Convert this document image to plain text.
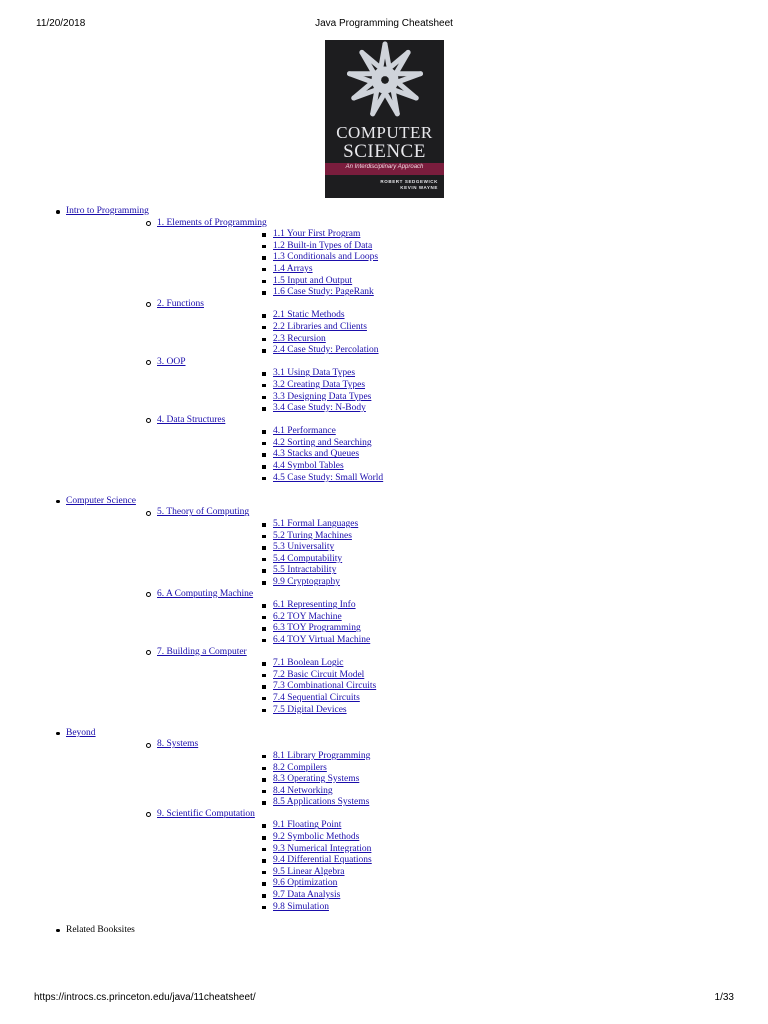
11/20/2018	Java Programming Cheatsheet
COMPUTER
SCIENCE
An Interdisciplinary Approach
ROBERT SEDGEWICK
KEVIN WAYNE
Intro to Programming
1. Elements of Programming
1.1 Your First Program
1.2 Built-in Types of Data
1.3 Conditionals and Loops
1.4 Arrays
1.5 Input and Output
1.6 Case Study: PageRank
2. Functions
2.1 Static Methods
2.2 Libraries and Clients
2.3 Recursion
2.4 Case Study: Percolation
3. OOP
3.1 Using Data Types
3.2 Creating Data Types
3.3 Designing Data Types
3.4 Case Study: N-Body
4. Data Structures
4.1 Performance
4.2 Sorting and Searching
4.3 Stacks and Queues
4.4 Symbol Tables
4.5 Case Study: Small World
Computer Science
5. Theory of Computing
5.1 Formal Languages
5.2 Turing Machines
5.3 Universality
5.4 Computability
5.5 Intractability
9.9 Cryptography
6. A Computing Machine
6.1 Representing Info
6.2 TOY Machine
6.3 TOY Programming
6.4 TOY Virtual Machine
7. Building a Computer
7.1 Boolean Logic
7.2 Basic Circuit Model
7.3 Combinational Circuits
7.4 Sequential Circuits
7.5 Digital Devices
Beyond
8. Systems
8.1 Library Programming
8.2 Compilers
8.3 Operating Systems
8.4 Networking
8.5 Applications Systems
9. Scientific Computation
9.1 Floating Point
9.2 Symbolic Methods
9.3 Numerical Integration
9.4 Differential Equations
9.5 Linear Algebra
9.6 Optimization
9.7 Data Analysis
9.8 Simulation
Related Booksites
https://introcs.cs.princeton.edu/java/11cheatsheet/	1/33
